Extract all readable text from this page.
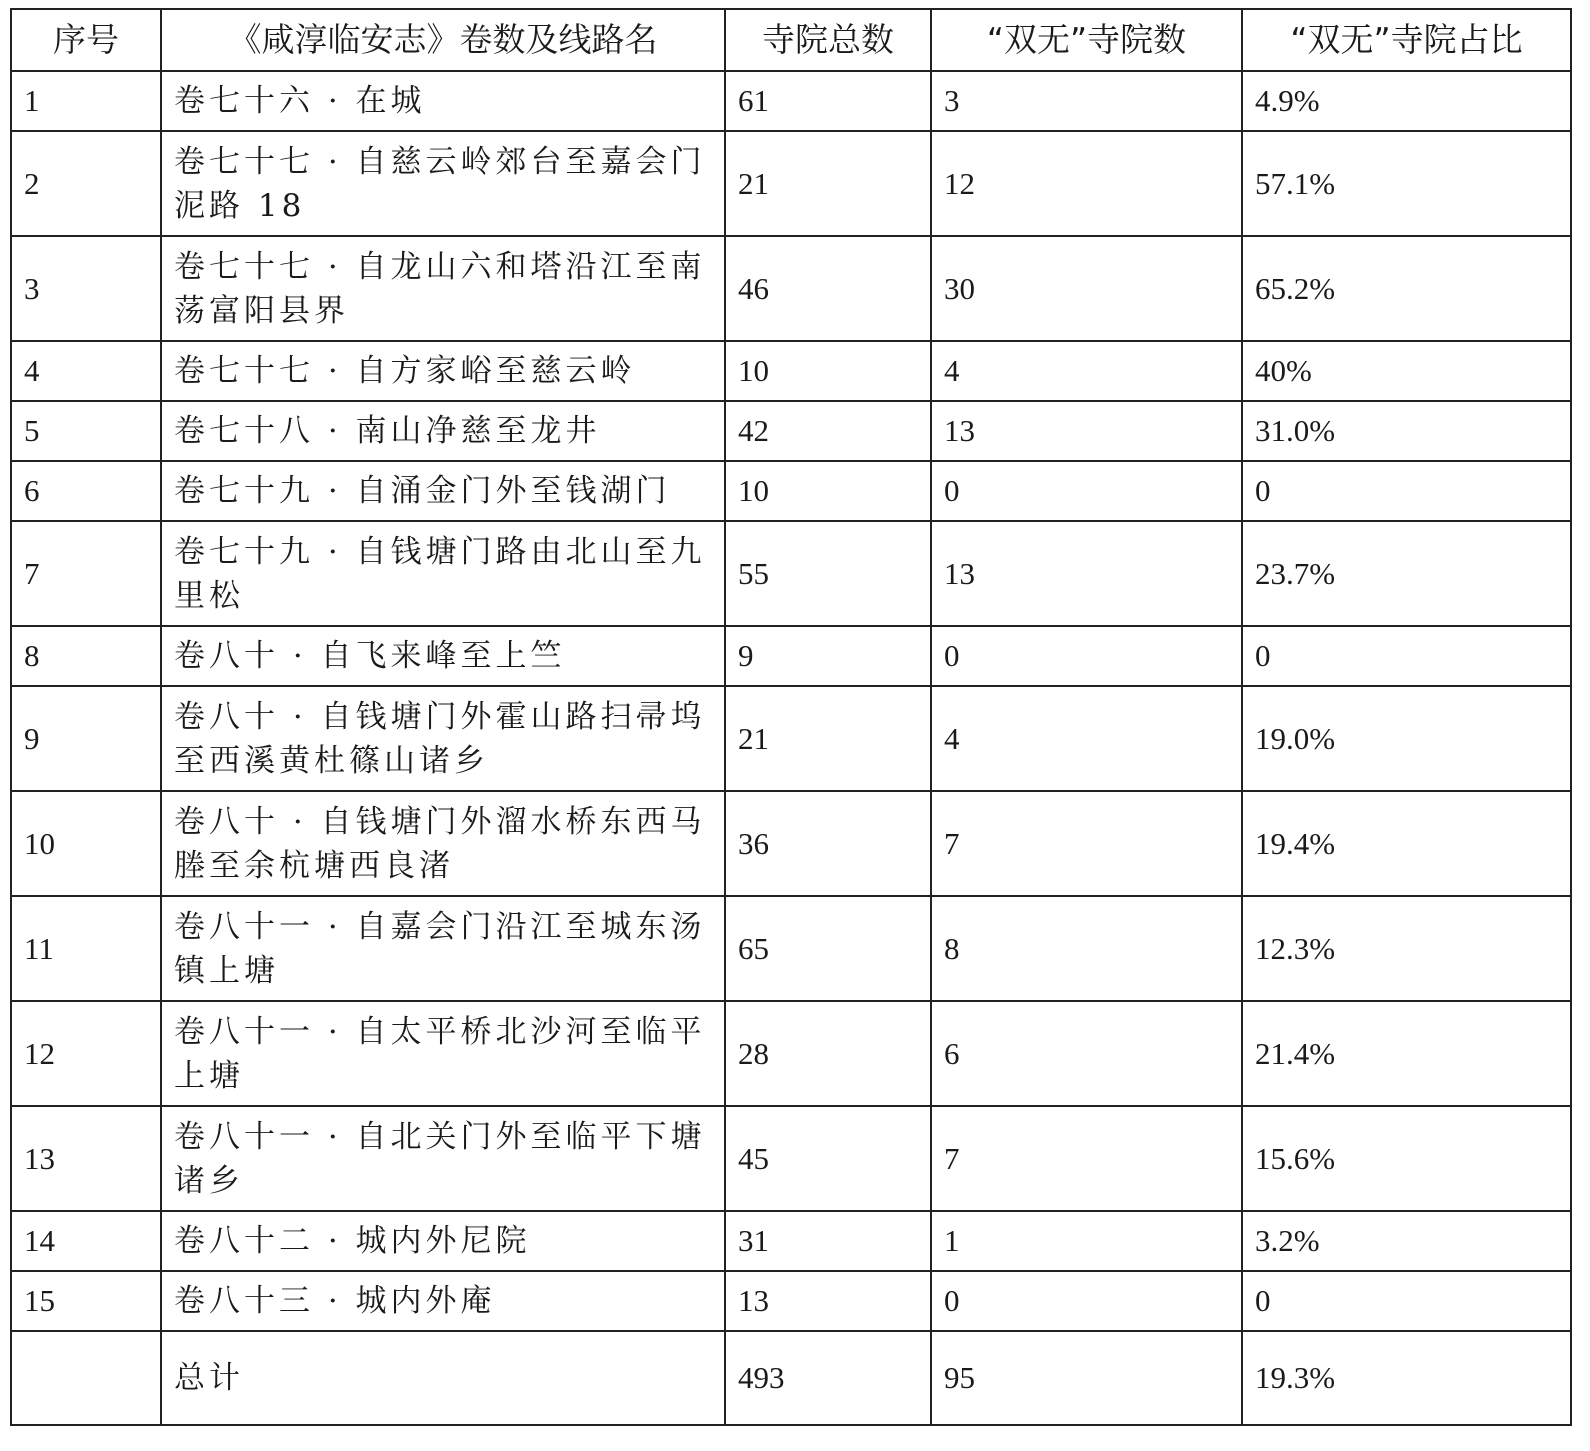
序号	《咸淳临安志》卷数及线路名	寺院总数	“双无”寺院数	“双无”寺院占比
1	卷七十六 · 在城	61	3	4.9%
2	卷七十七 · 自慈云岭郊台至嘉会门泥路 18	21	12	57.1%
3	卷七十七 · 自龙山六和塔沿江至南荡富阳县界	46	30	65.2%
4	卷七十七 · 自方家峪至慈云岭	10	4	40%
5	卷七十八 · 南山净慈至龙井	42	13	31.0%
6	卷七十九 · 自涌金门外至钱湖门	10	0	0
7	卷七十九 · 自钱塘门路由北山至九里松	55	13	23.7%
8	卷八十 · 自飞来峰至上竺	9	0	0
9	卷八十 · 自钱塘门外霍山路扫帚坞至西溪黄杜篠山诸乡	21	4	19.0%
10	卷八十 · 自钱塘门外溜水桥东西马塍至余杭塘西良渚	36	7	19.4%
11	卷八十一 · 自嘉会门沿江至城东汤镇上塘	65	8	12.3%
12	卷八十一 · 自太平桥北沙河至临平上塘	28	6	21.4%
13	卷八十一 · 自北关门外至临平下塘诸乡	45	7	15.6%
14	卷八十二 · 城内外尼院	31	1	3.2%
15	卷八十三 · 城内外庵	13	0	0
	总计	493	95	19.3%
